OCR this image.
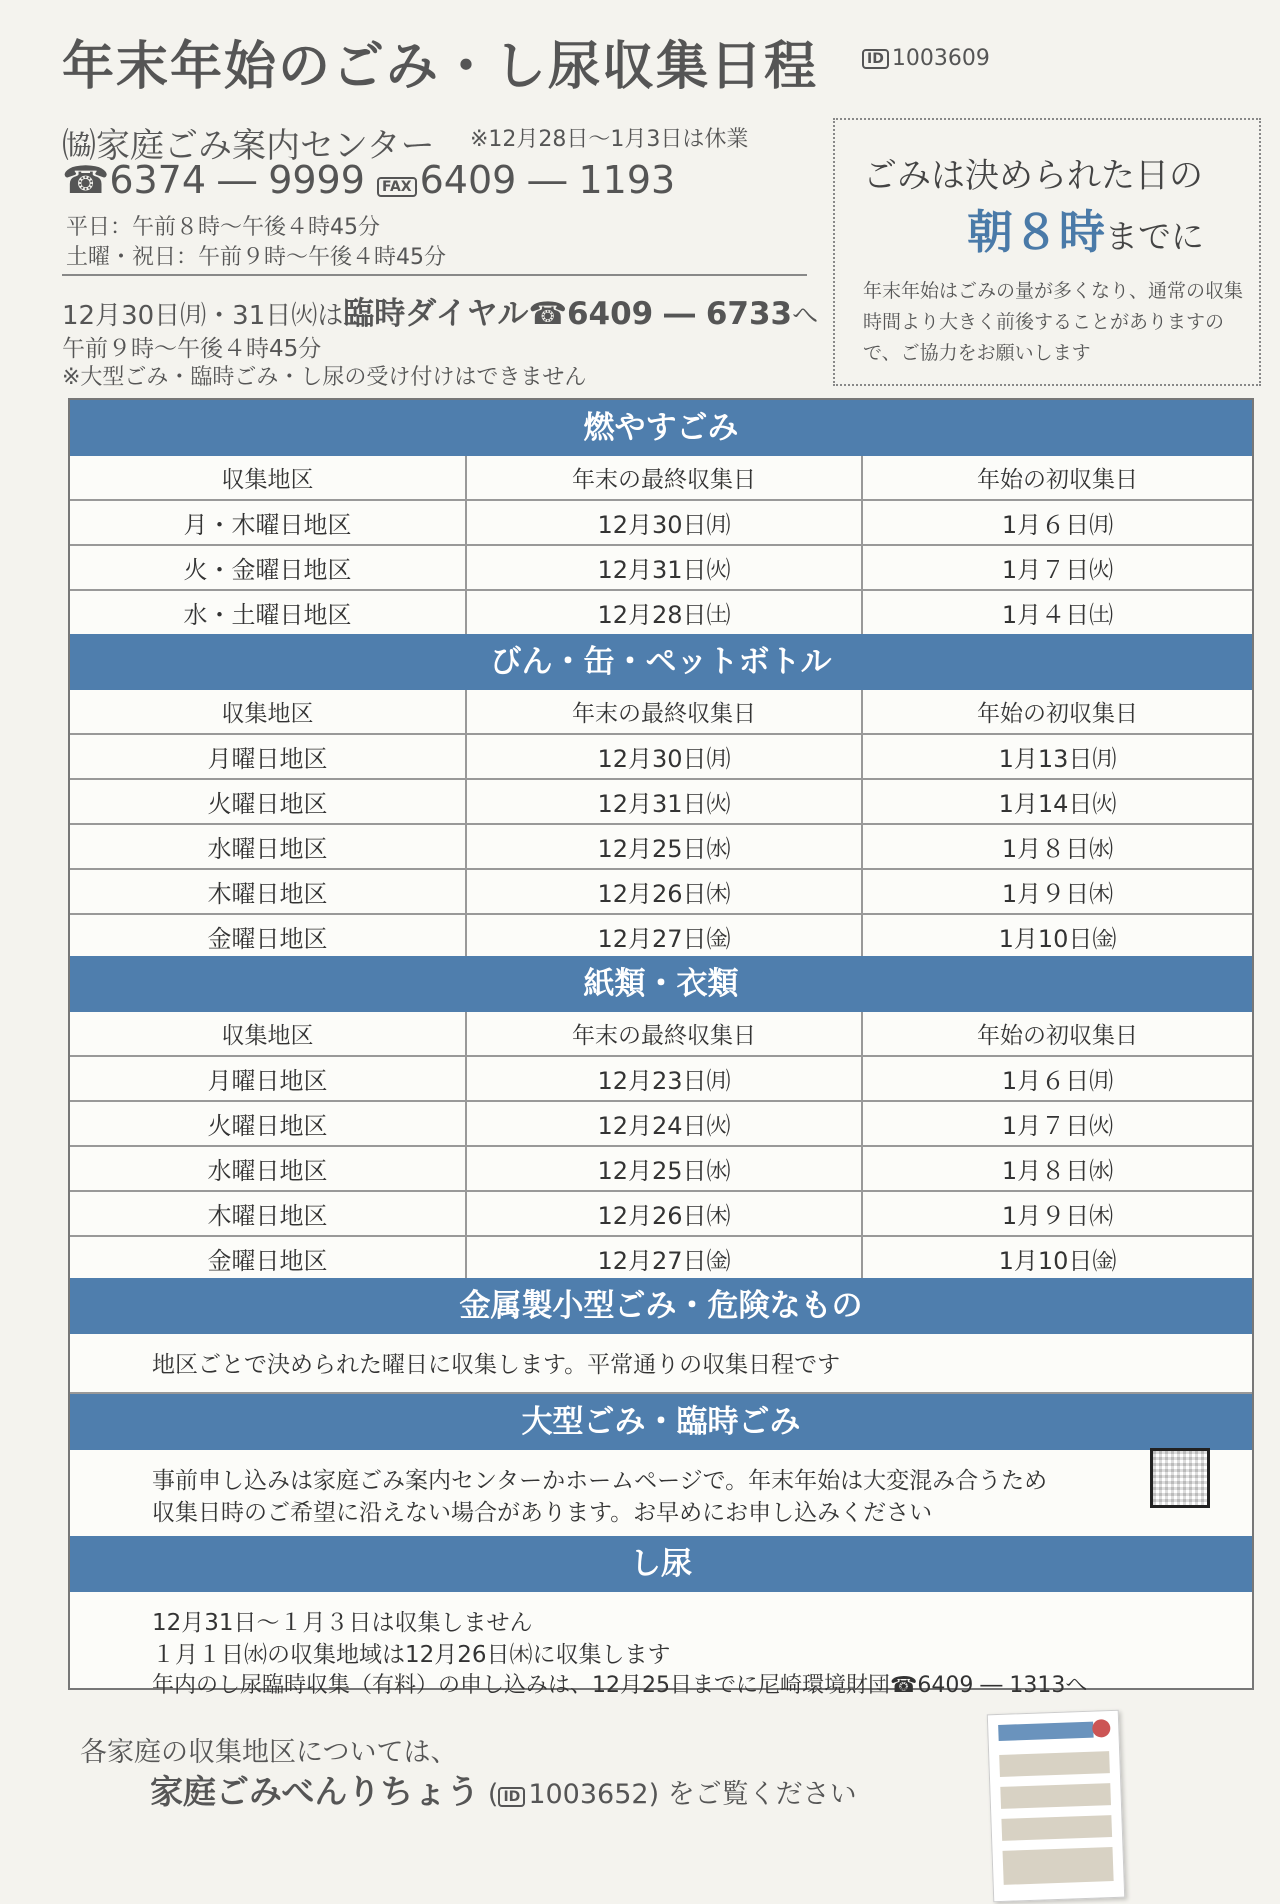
年末年始のごみ・し尿収集日程	ID 1003609
㈿家庭ごみ案内センター ※12月28日～1月3日は休業
☎6374 ― 9999 FAX 6409 ― 1193
平日：午前８時～午後４時45分
土曜・祝日：午前９時～午後４時45分
12月30日㈪・31日㈫は臨時ダイヤル☎6409 ― 6733へ
午前９時～午後４時45分
※大型ごみ・臨時ごみ・し尿の受け付けはできません
ごみは決められた日の
朝８時までに
年末年始はごみの量が多くなり、通常の収集時間より大きく前後することがありますので、ご協力をお願いします
燃やすごみ
収集地区	年末の最終収集日	年始の初収集日
月・木曜日地区	12月30日㈪	1月６日㈪
火・金曜日地区	12月31日㈫	1月７日㈫
水・土曜日地区	12月28日㈯	1月４日㈯
びん・缶・ペットボトル
収集地区	年末の最終収集日	年始の初収集日
月曜日地区	12月30日㈪	1月13日㈪
火曜日地区	12月31日㈫	1月14日㈫
水曜日地区	12月25日㈬	1月８日㈬
木曜日地区	12月26日㈭	1月９日㈭
金曜日地区	12月27日㈮	1月10日㈮
紙類・衣類
収集地区	年末の最終収集日	年始の初収集日
月曜日地区	12月23日㈪	1月６日㈪
火曜日地区	12月24日㈫	1月７日㈫
水曜日地区	12月25日㈬	1月８日㈬
木曜日地区	12月26日㈭	1月９日㈭
金曜日地区	12月27日㈮	1月10日㈮
金属製小型ごみ・危険なもの
地区ごとで決められた曜日に収集します。平常通りの収集日程です
大型ごみ・臨時ごみ
事前申し込みは家庭ごみ案内センターかホームページで。年末年始は大変混み合うため
収集日時のご希望に沿えない場合があります。お早めにお申し込みください
し尿
12月31日～１月３日は収集しません
１月１日㈬の収集地域は12月26日㈭に収集します
年内のし尿臨時収集（有料）の申し込みは、12月25日までに尼崎環境財団☎6409 ― 1313へ
各家庭の収集地区については、
家庭ごみべんりちょう ( ID 1003652) をご覧ください
